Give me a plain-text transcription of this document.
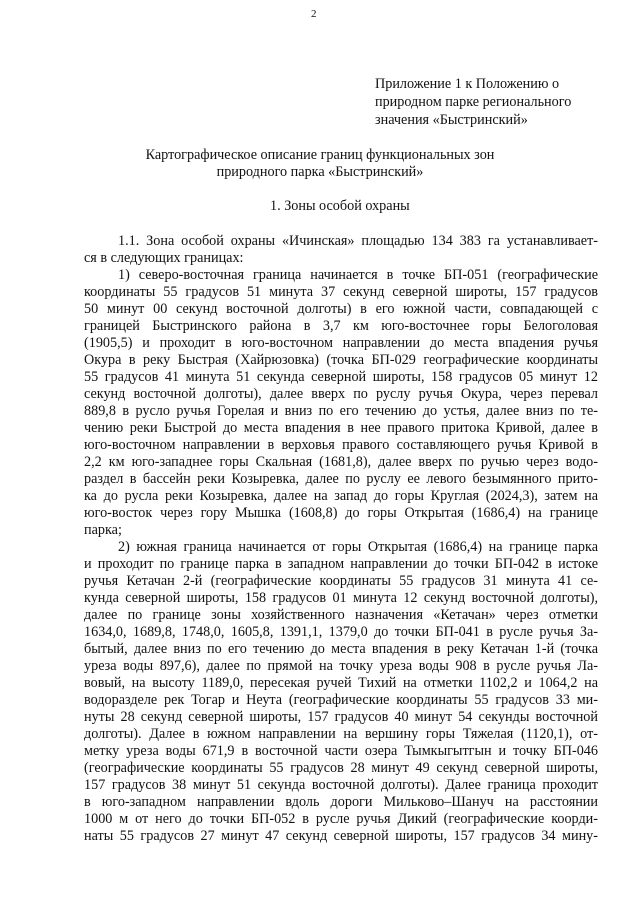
2
Приложение 1 к Положению о
природном парке регионального
значения «Быстринский»
Картографическое описание границ функциональных зон
природного парка «Быстринский»
1. Зоны особой охраны
1.1. Зона особой охраны «Ичинская» площадью 134 383 га устанавливает-
ся в следующих границах:
1) северо-восточная граница начинается в точке БП-051 (географические
координаты 55 градусов 51 минута 37 секунд северной широты, 157 градусов
50 минут 00 секунд восточной долготы) в его южной части, совпадающей с
границей Быстринского района в 3,7 км юго-восточнее горы Белоголовая
(1905,5) и проходит в юго-восточном направлении до места впадения ручья
Окура в реку Быстрая (Хайрюзовка) (точка БП-029 географические координаты
55 градусов 41 минута 51 секунда северной широты, 158 градусов 05 минут 12
секунд восточной долготы), далее вверх по руслу ручья Окура, через перевал
889,8 в русло ручья Горелая и вниз по его течению до устья, далее вниз по те-
чению реки Быстрой до места впадения в нее правого притока Кривой, далее в
юго-восточном направлении в верховья правого составляющего ручья Кривой в
2,2 км юго-западнее горы Скальная (1681,8), далее вверх по ручью через водо-
раздел в бассейн реки Козыревка, далее по руслу ее левого безымянного прито-
ка до русла реки Козыревка, далее на запад до горы Круглая (2024,3), затем на
юго-восток через гору Мышка (1608,8) до горы Открытая (1686,4) на границе
парка;
2) южная граница начинается от горы Открытая (1686,4) на границе парка
и проходит по границе парка в западном направлении до точки БП-042 в истоке
ручья Кетачан 2-й (географические координаты 55 градусов 31 минута 41 се-
кунда северной широты, 158 градусов 01 минута 12 секунд восточной долготы),
далее по границе зоны хозяйственного назначения «Кетачан» через отметки
1634,0, 1689,8, 1748,0, 1605,8, 1391,1, 1379,0 до точки БП-041 в русле ручья За-
бытый, далее вниз по его течению до места впадения в реку Кетачан 1-й (точка
уреза воды 897,6), далее по прямой на точку уреза воды 908 в русле ручья Ла-
вовый, на высоту 1189,0, пересекая ручей Тихий на отметки 1102,2 и 1064,2 на
водоразделе рек Тогар и Неута (географические координаты 55 градусов 33 ми-
нуты 28 секунд северной широты, 157 градусов 40 минут 54 секунды восточной
долготы). Далее в южном направлении на вершину горы Тяжелая (1120,1), от-
метку уреза воды 671,9 в восточной части озера Тымкыгытгын и точку БП-046
(географические координаты 55 градусов 28 минут 49 секунд северной широты,
157 градусов 38 минут 51 секунда восточной долготы). Далее граница проходит
в юго-западном направлении вдоль дороги Мильково–Шануч на расстоянии
1000 м от него до точки БП-052 в русле ручья Дикий (географические коорди-
наты 55 градусов 27 минут 47 секунд северной широты, 157 градусов 34 мину-
